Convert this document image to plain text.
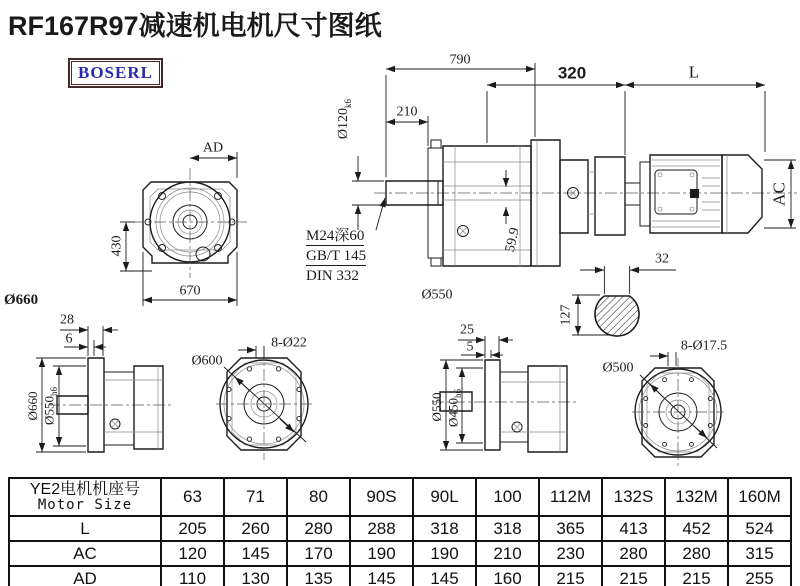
RF167R97减速机电机尺寸图纸
BOSERL
AD
430
670
790
210
$Ø120_{k6}$
M24深60
GB/T 145
DIN 332
59.9
Ø550
320	L
AC
32
127
Ø660
28
6
Ø660 $Ø550_{h6}$
8-Ø22
Ø600
25
5
Ø550 $Ø450_{h6}$
8-Ø17.5
Ø500
YE2电机机座号
Motor Size	63	71	80	90S	90L	100	112M	132S	132M	160M
L	205	260	280	288	318	318	365	413	452	524
AC	120	145	170	190	190	210	230	280	280	315
AD	110	130	135	145	145	160	215	215	215	255
